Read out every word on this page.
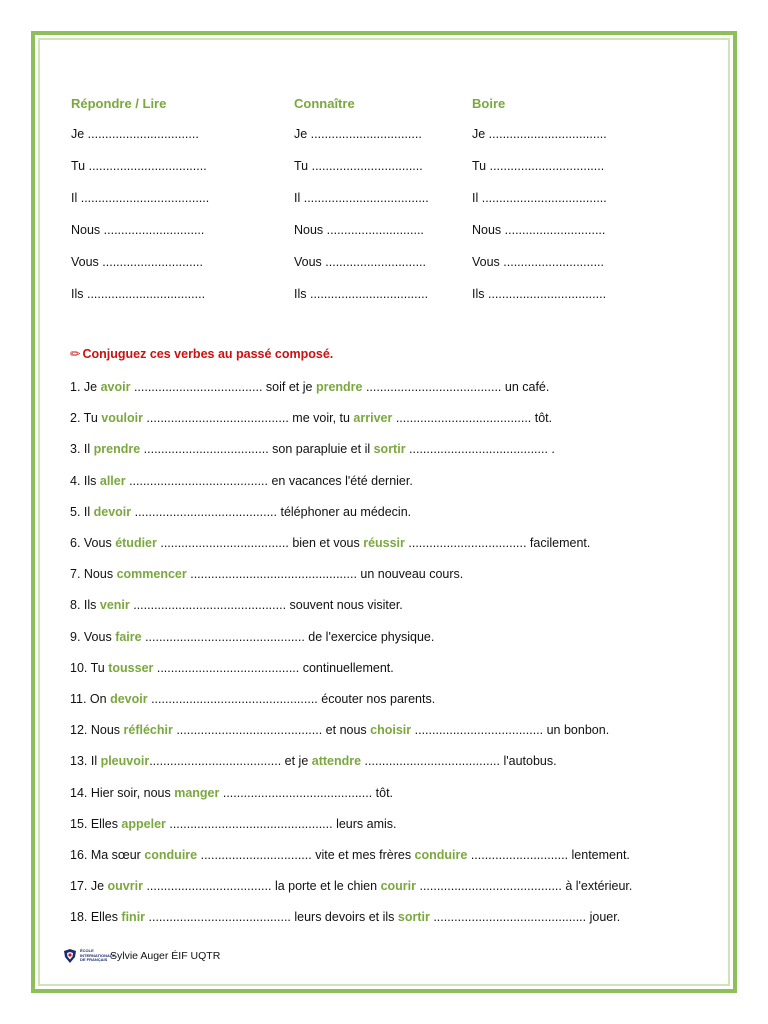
Répondre / Lire
Je ................................
Tu ..................................
Il .....................................
Nous .............................
Vous .............................
Ils ..................................
Connaître
Je ................................
Tu ................................
Il ....................................
Nous ............................
Vous .............................
Ils ..................................
Boire
Je ..................................
Tu .................................
Il ....................................
Nous .............................
Vous .............................
Ils ..................................
✏ Conjuguez ces verbes au passé composé.
1. Je avoir ..................................... soif et je prendre ....................................... un café.
2. Tu vouloir ......................................... me voir, tu arriver ....................................... tôt.
3. Il prendre .................................... son parapluie et il sortir ........................................ .
4. Ils aller ........................................ en vacances l'été dernier.
5. Il devoir ......................................... téléphoner au médecin.
6. Vous étudier ..................................... bien et vous réussir .................................. facilement.
7. Nous commencer ................................................ un nouveau cours.
8. Ils venir ............................................ souvent nous visiter.
9. Vous faire .............................................. de l'exercice physique.
10. Tu tousser ......................................... continuellement.
11. On devoir ................................................ écouter nos parents.
12. Nous réfléchir .......................................... et nous choisir ..................................... un bonbon.
13. Il pleuvoir...................................... et je attendre ....................................... l'autobus.
14. Hier soir, nous manger ........................................... tôt.
15. Elles appeler ............................................... leurs amis.
16. Ma sœur conduire ................................ vite et mes frères conduire ............................ lentement.
17. Je ouvrir .................................... la porte et le chien courir ......................................... à l'extérieur.
18. Elles finir ......................................... leurs devoirs et ils sortir ............................................ jouer.
ÉCOLE INTERNATIONALE DE FRANÇAIS Sylvie Auger ÉIF UQTR
